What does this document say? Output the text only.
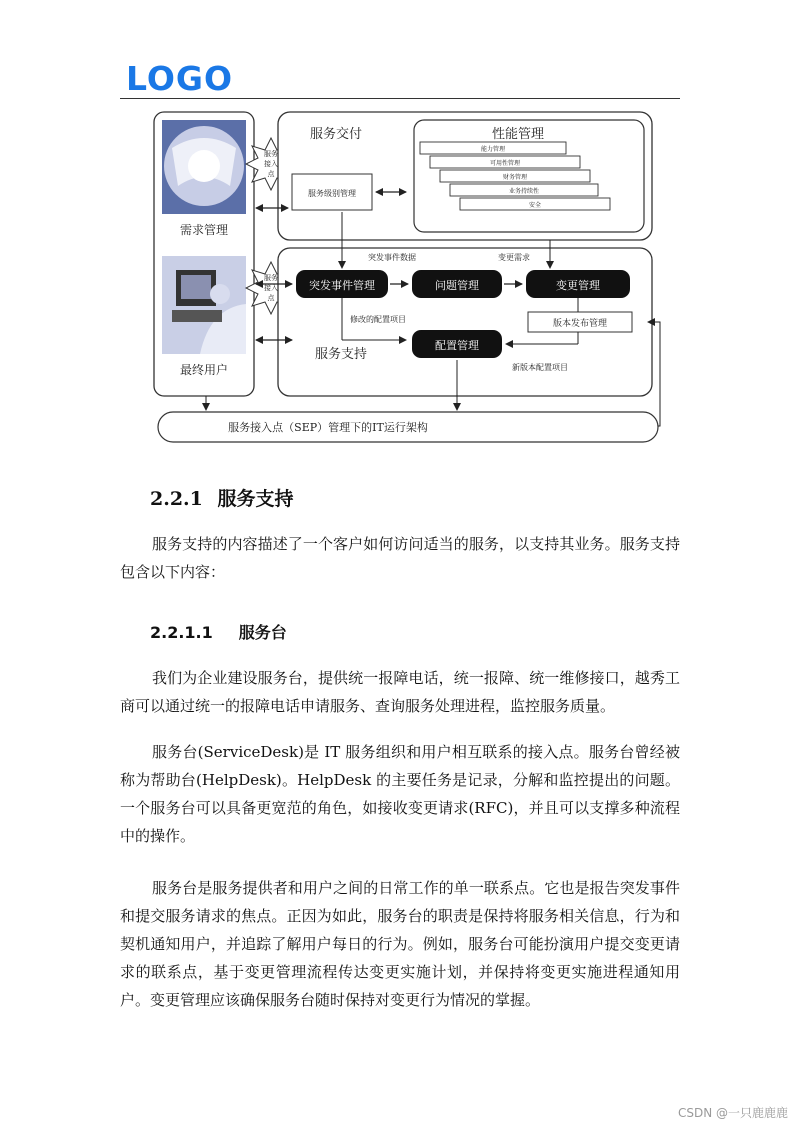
LOGO
需求管理
最终用户
服务
接入
点
服务
接入
点
服务交付
服务级别管理
性能管理
能力管理
可用性管理
财务管理
业务持续性
安全
突发事件数据	变更需求
突发事件管理	问题管理	变更管理
版本发布管理
修改的配置项目
服务支持
配置管理
新版本配置项目
服务接入点（SEP）管理下的IT运行架构
2.2.1 服务支持
服务支持的内容描述了一个客户如何访问适当的服务，以支持其业务。服务支持包含以下内容：
2.2.1.1 服务台
我们为企业建设服务台，提供统一报障电话，统一报障、统一维修接口，越秀工商可以通过统一的报障电话申请服务、查询服务处理进程，监控服务质量。
服务台(ServiceDesk)是 IT 服务组织和用户相互联系的接入点。服务台曾经被称为帮助台(HelpDesk)。HelpDesk 的主要任务是记录，分解和监控提出的问题。一个服务台可以具备更宽范的角色，如接收变更请求(RFC)，并且可以支撑多种流程中的操作。
服务台是服务提供者和用户之间的日常工作的单一联系点。它也是报告突发事件和提交服务请求的焦点。正因为如此，服务台的职责是保持将服务相关信息，行为和契机通知用户，并追踪了解用户每日的行为。例如，服务台可能扮演用户提交变更请求的联系点，基于变更管理流程传达变更实施计划，并保持将变更实施进程通知用户。变更管理应该确保服务台随时保持对变更行为情况的掌握。
CSDN @一只鹿鹿鹿
